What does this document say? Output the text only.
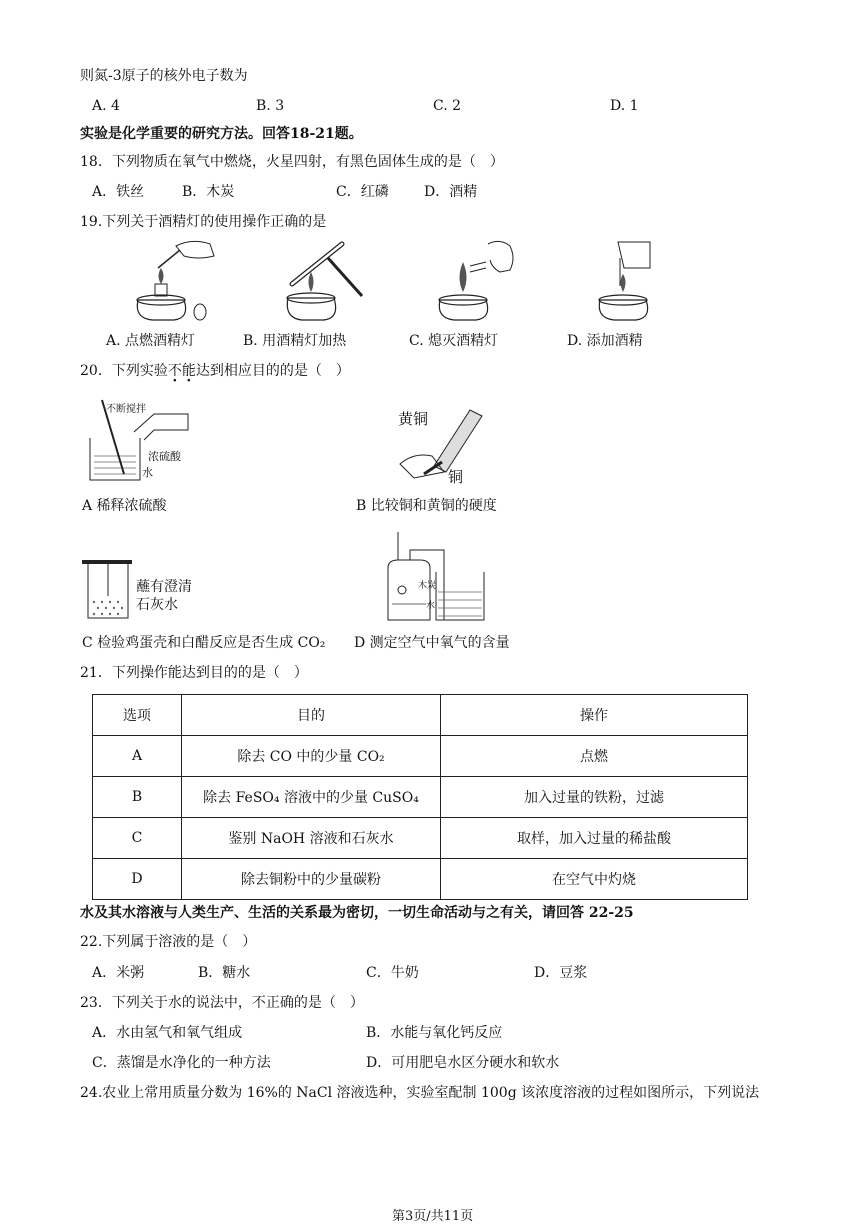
则氮-3原子的核外电子数为
A. 4	B. 3	C. 2	D. 1
实验是化学重要的研究方法。回答18-21题。
18．下列物质在氧气中燃烧，火星四射，有黑色固体生成的是（　）
A．铁丝	B．木炭	C．红磷	D．酒精
19.下列关于酒精灯的使用操作正确的是
A. 点燃酒精灯	B. 用酒精灯加热	C. 熄灭酒精灯	D. 添加酒精
20．下列实验不能达到相应目的的是（　）
不断搅拌
浓硫酸
水
黄铜
铜
A 稀释浓硫酸	B 比较铜和黄铜的硬度
蘸有澄清
石灰水
木炭
水
C 检验鸡蛋壳和白醋反应是否生成 CO₂ D 测定空气中氧气的含量
21．下列操作能达到目的的是（　）
选项	目的	操作
A	除去 CO 中的少量 CO₂	点燃
B	除去 FeSO₄ 溶液中的少量 CuSO₄	加入过量的铁粉，过滤
C	鉴别 NaOH 溶液和石灰水	取样，加入过量的稀盐酸
D	除去铜粉中的少量碳粉	在空气中灼烧
水及其水溶液与人类生产、生活的关系最为密切，一切生命活动与之有关，请回答 22-25
22.下列属于溶液的是（　）
A．米粥	B．糖水	C．牛奶	D．豆浆
23．下列关于水的说法中，不正确的是（　）
A．水由氢气和氧气组成	B．水能与氧化钙反应
C．蒸馏是水净化的一种方法	D．可用肥皂水区分硬水和软水
24.农业上常用质量分数为 16%的 NaCl 溶液选种，实验室配制 100g 该浓度溶液的过程如图所示，下列说法
第3页/共11页
